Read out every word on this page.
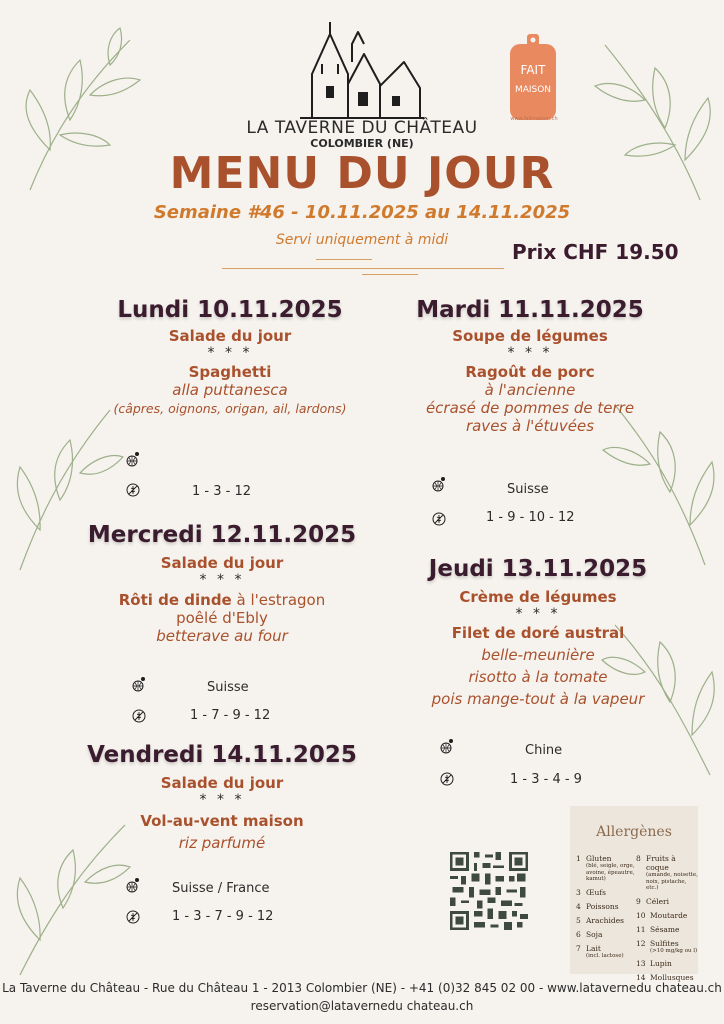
LA TAVERNE DU CHÂTEAU
COLOMBIER (NE)
FAIT
MAISON
www.faitmaison.ch
MENU DU JOUR
Semaine #46 - 10.11.2025 au 14.11.2025
Servi uniquement à midi	Prix CHF 19.50
Lundi 10.11.2025
Salade du jour
* * *
Spaghetti
alla puttanesca
(câpres, oignons, origan, ail, lardons)
Mardi 11.11.2025
Soupe de légumes
* * *
Ragoût de porc
à l'ancienne
écrasé de pommes de terre
raves à l'étuvées
Mercredi 12.11.2025
Salade du jour
* * *
Rôti de dinde à l'estragon
poêlé d'Ebly
betterave au four
Jeudi 13.11.2025
Crème de légumes
* * *
Filet de doré austral
belle-meunière
risotto à la tomate
pois mange-tout à la vapeur
Vendredi 14.11.2025
Salade du jour
* * *
Vol-au-vent maison
riz parfumé
1 - 3 - 12	Suisse
1 - 9 - 10 - 12
Suisse
1 - 7 - 9 - 12
Chine
1 - 3 - 4 - 9
Suisse / France
1 - 3 - 7 - 9 - 12
Allergènes
1 Gluten
(blé, seigle, orge, avoine, épeautre, kamut)
3 Œufs
4 Poissons
5 Arachides
6 Soja
7 Lait
(incl. lactose)
8 Fruits à coque
(amande, noisette, noix, pistache, etc.)
9 Céleri
10 Moutarde
11 Sésame
12 Sulfites
(>10 mg/kg ou l)
13 Lupin
14 Mollusques
La Taverne du Château - Rue du Château 1 - 2013 Colombier (NE) - +41 (0)32 845 02 00 - www.latavernedu chateau.ch
reservation@latavernedu chateau.ch
